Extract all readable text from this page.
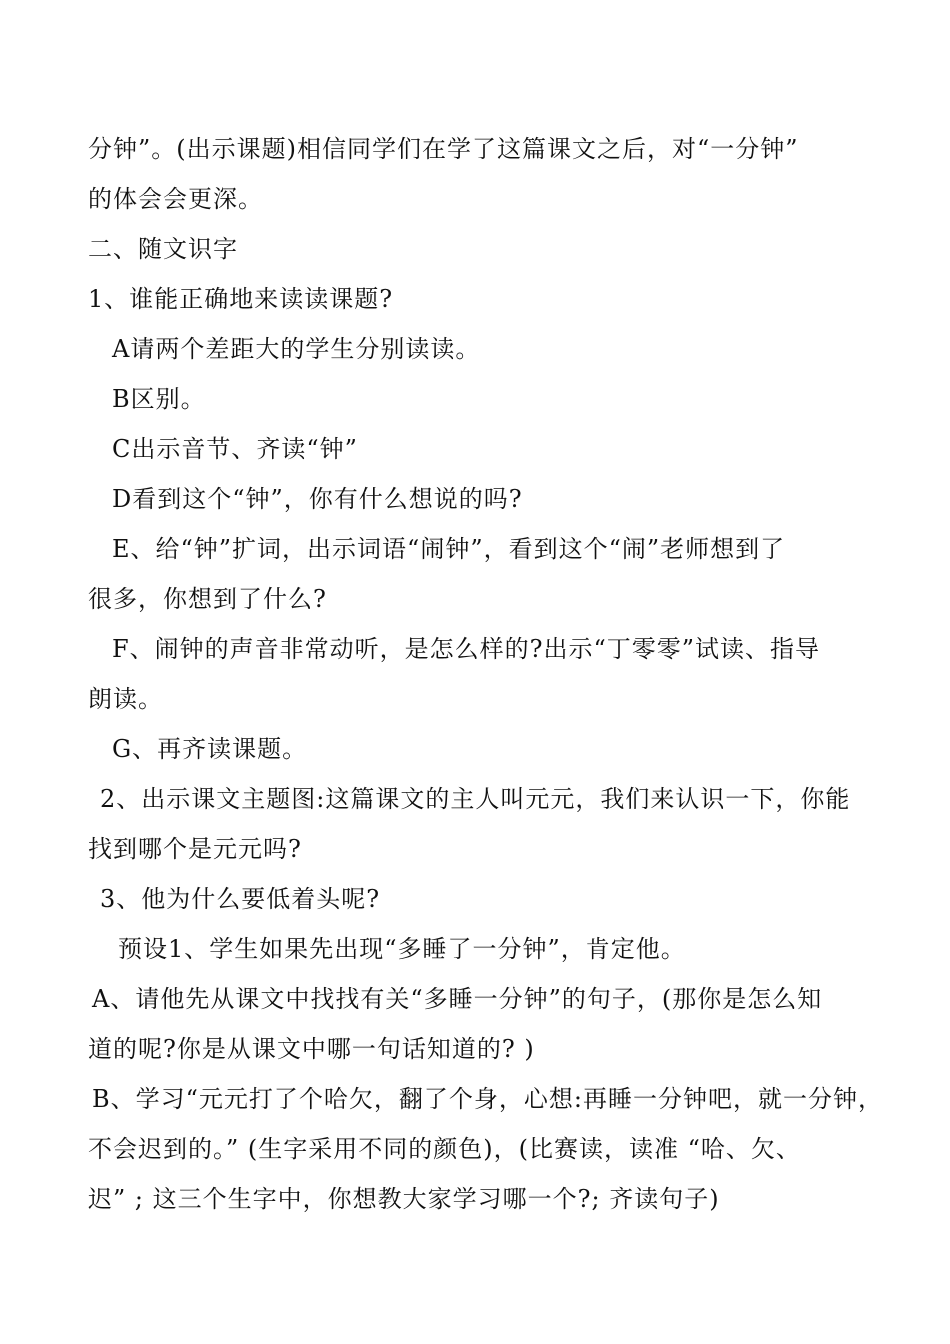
分钟”。(出示课题)相信同学们在学了这篇课文之后，对“一分钟”
的体会会更深。
二、随文识字
1、谁能正确地来读读课题?
A请两个差距大的学生分别读读。
B区别。
C出示音节、齐读“钟”
D看到这个“钟”，你有什么想说的吗?
E、给“钟”扩词，出示词语“闹钟”，看到这个“闹”老师想到了
很多，你想到了什么?
F、闹钟的声音非常动听，是怎么样的?出示“丁零零”试读、指导
朗读。
G、再齐读课题。
2、出示课文主题图:这篇课文的主人叫元元，我们来认识一下，你能
找到哪个是元元吗?
3、他为什么要低着头呢?
预设1、学生如果先出现“多睡了一分钟”，肯定他。
A、请他先从课文中找找有关“多睡一分钟”的句子，(那你是怎么知
道的呢?你是从课文中哪一句话知道的? )
B、学习“元元打了个哈欠，翻了个身，心想:再睡一分钟吧，就一分钟，
不会迟到的。” (生字采用不同的颜色)，(比赛读，读准 “哈、欠、
迟” ; 这三个生字中，你想教大家学习哪一个?; 齐读句子)
